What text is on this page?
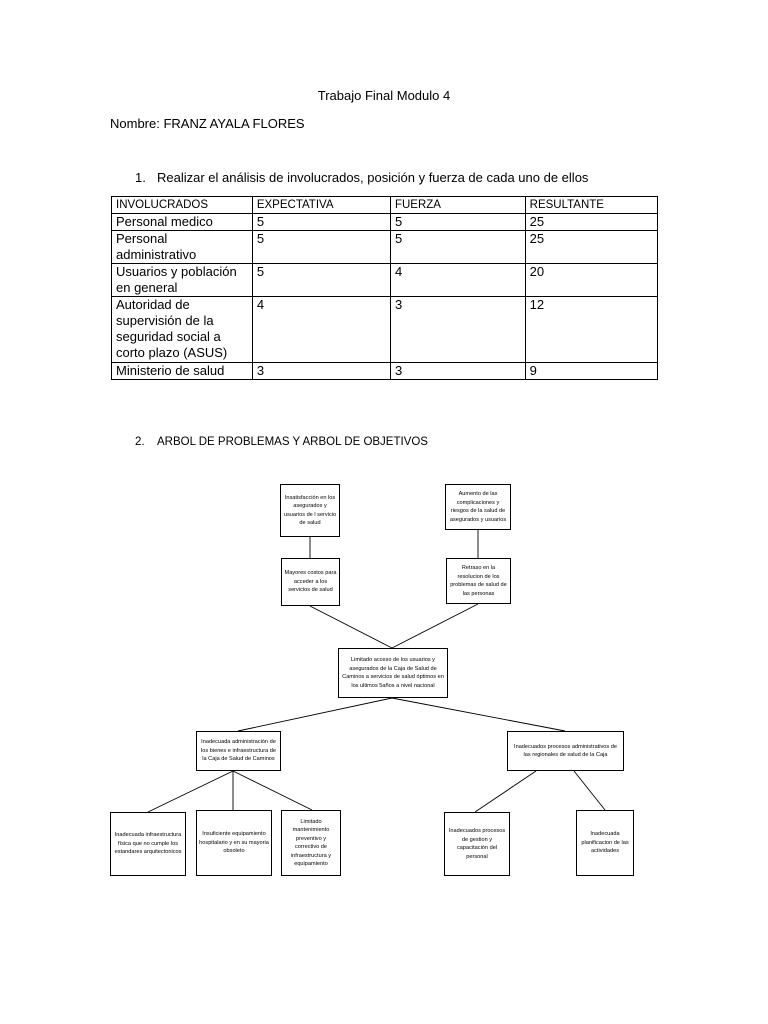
Trabajo Final Modulo 4
Nombre: FRANZ AYALA FLORES
1. Realizar el análisis de involucrados, posición y fuerza de cada uno de ellos
INVOLUCRADOS	EXPECTATIVA	FUERZA	RESULTANTE
Personal medico	5	5	25
Personal administrativo	5	5	25
Usuarios y población en general	5	4	20
Autoridad de supervisión de la seguridad social a corto plazo (ASUS)	4	3	12
Ministerio de salud	3	3	9
2. ARBOL DE PROBLEMAS Y ARBOL DE OBJETIVOS
Insatisfacción en los asegurados y usuarios de l servicio de salud
Aumento de las complicaciones y riesgos de la salud de asegurados y usuarios
Mayores costos para acceder a los servicios de salud
Retraso en la resolucion de los problemas de salud de las personas
Limitado acceso de los usuarios y asegurados de la Caja de Salud de Caminos a servicios de salud óptimos en los ultimos 5años a nivel nacional
Inadecuada administración de los bienes e infraestructura de la Caja de Salud de Caminos
Inadecuados procesos administrativos de las regionales de salud de la Caja
Inadecuada infraestructura física que no cumple los estandares arquitectonicos
Insuficiente equipamiento hospitalario y en su mayoria obsoleto
Limitado mantenimiento preventivo y correctivo de infraestructura y equipamiento
Inadecuados procesos de gestion y capacitación del personal
Inadecuada planificacion de las actividades
